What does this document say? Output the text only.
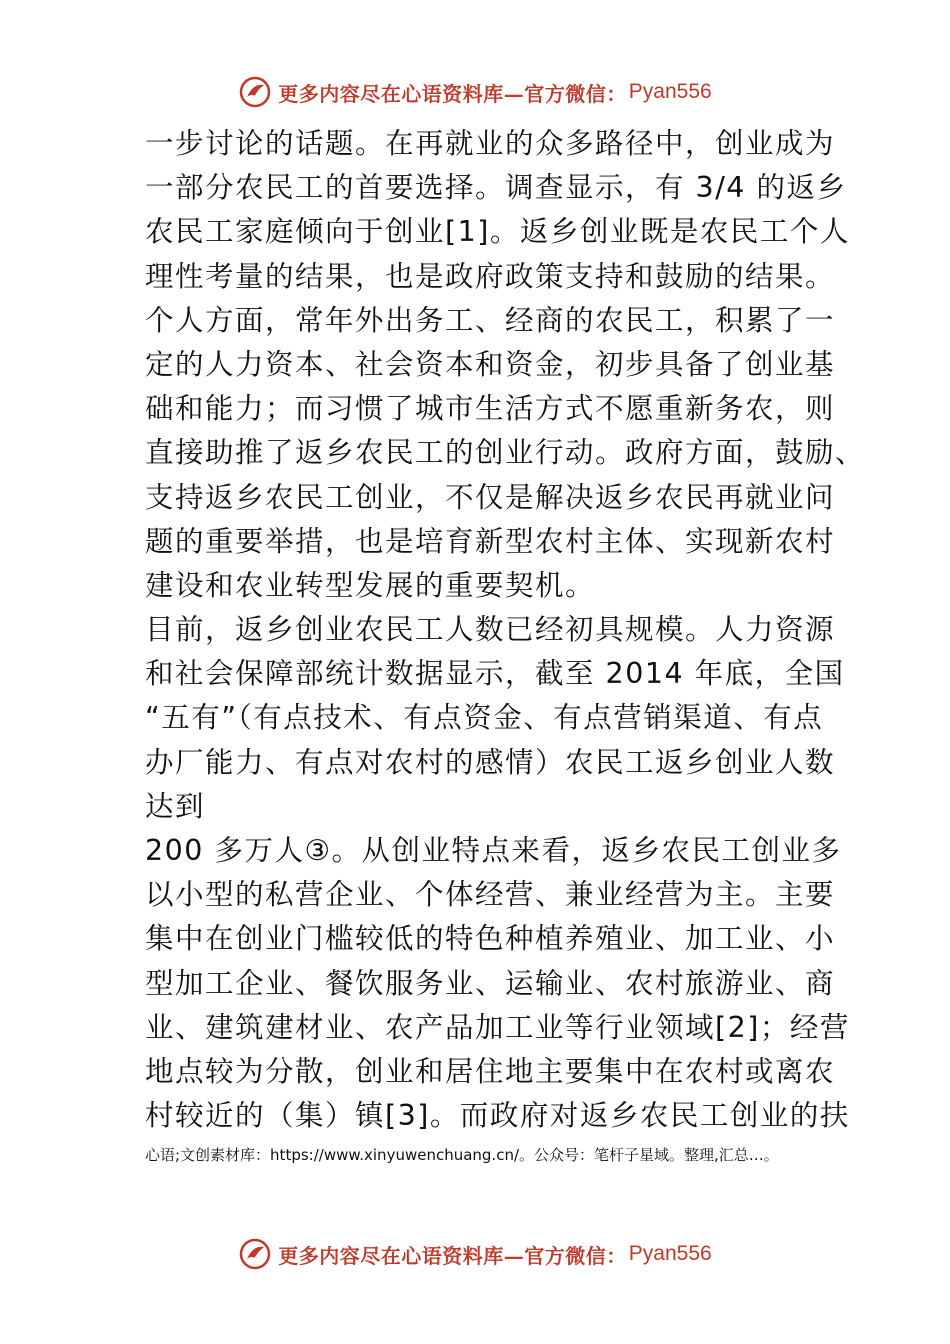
更多内容尽在心语资料库—官方微信： Pyan556
一步讨论的话题。在再就业的众多路径中，创业成为
一部分农民工的首要选择。调查显示，有 3/4 的返乡
农民工家庭倾向于创业[1]。返乡创业既是农民工个人
理性考量的结果，也是政府政策支持和鼓励的结果。
个人方面，常年外出务工、经商的农民工，积累了一
定的人力资本、社会资本和资金，初步具备了创业基
础和能力；而习惯了城市生活方式不愿重新务农，则
直接助推了返乡农民工的创业行动。政府方面，鼓励、
支持返乡农民工创业，不仅是解决返乡农民再就业问
题的重要举措，也是培育新型农村主体、实现新农村
建设和农业转型发展的重要契机。
目前，返乡创业农民工人数已经初具规模。人力资源
和社会保障部统计数据显示，截至 2014 年底，全国
“五有”（有点技术、有点资金、有点营销渠道、有点
办厂能力、有点对农村的感情）农民工返乡创业人数
达到
200 多万人③。从创业特点来看，返乡农民工创业多
以小型的私营企业、个体经营、兼业经营为主。主要
集中在创业门槛较低的特色种植养殖业、加工业、小
型加工企业、餐饮服务业、运输业、农村旅游业、商
业、建筑建材业、农产品加工业等行业领域[2]；经营
地点较为分散，创业和居住地主要集中在农村或离农
村较近的（集）镇[3]。而政府对返乡农民工创业的扶
心语;文创素材库：https://www.xinyuwenchuang.cn/。公众号：笔杆子星域。整理,汇总…。
更多内容尽在心语资料库—官方微信： Pyan556
